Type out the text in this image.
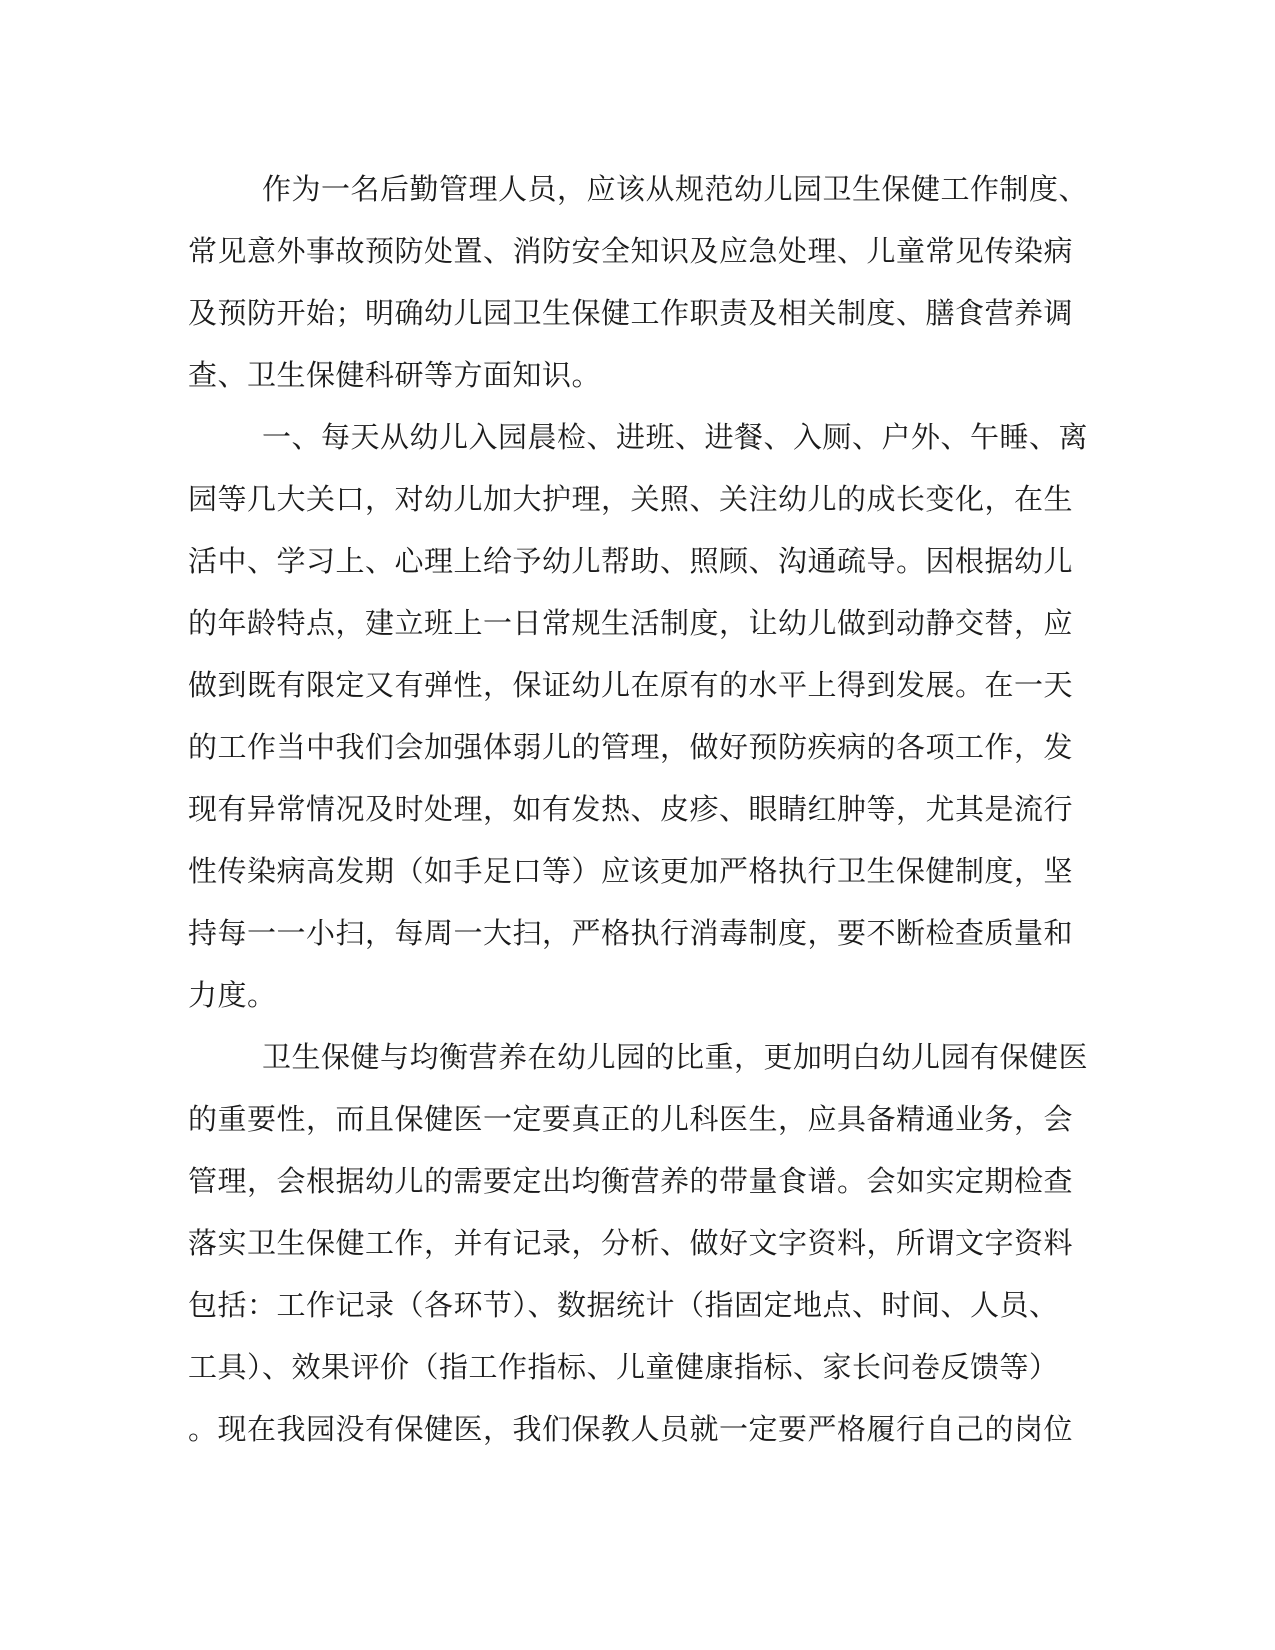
作为一名后勤管理人员，应该从规范幼儿园卫生保健工作制度、
常见意外事故预防处置、消防安全知识及应急处理、儿童常见传染病
及预防开始；明确幼儿园卫生保健工作职责及相关制度、膳食营养调
查、卫生保健科研等方面知识。
一、每天从幼儿入园晨检、进班、进餐、入厕、户外、午睡、离
园等几大关口，对幼儿加大护理，关照、关注幼儿的成长变化，在生
活中、学习上、心理上给予幼儿帮助、照顾、沟通疏导。因根据幼儿
的年龄特点，建立班上一日常规生活制度，让幼儿做到动静交替，应
做到既有限定又有弹性，保证幼儿在原有的水平上得到发展。在一天
的工作当中我们会加强体弱儿的管理，做好预防疾病的各项工作，发
现有异常情况及时处理，如有发热、皮疹、眼睛红肿等，尤其是流行
性传染病高发期（如手足口等）应该更加严格执行卫生保健制度，坚
持每一一小扫，每周一大扫，严格执行消毒制度，要不断检查质量和
力度。
卫生保健与均衡营养在幼儿园的比重，更加明白幼儿园有保健医
的重要性，而且保健医一定要真正的儿科医生，应具备精通业务，会
管理，会根据幼儿的需要定出均衡营养的带量食谱。会如实定期检查
落实卫生保健工作，并有记录，分析、做好文字资料，所谓文字资料
包括：工作记录（各环节）、数据统计（指固定地点、时间、人员、
工具）、效果评价（指工作指标、儿童健康指标、家长问卷反馈等）
。现在我园没有保健医，我们保教人员就一定要严格履行自己的岗位
